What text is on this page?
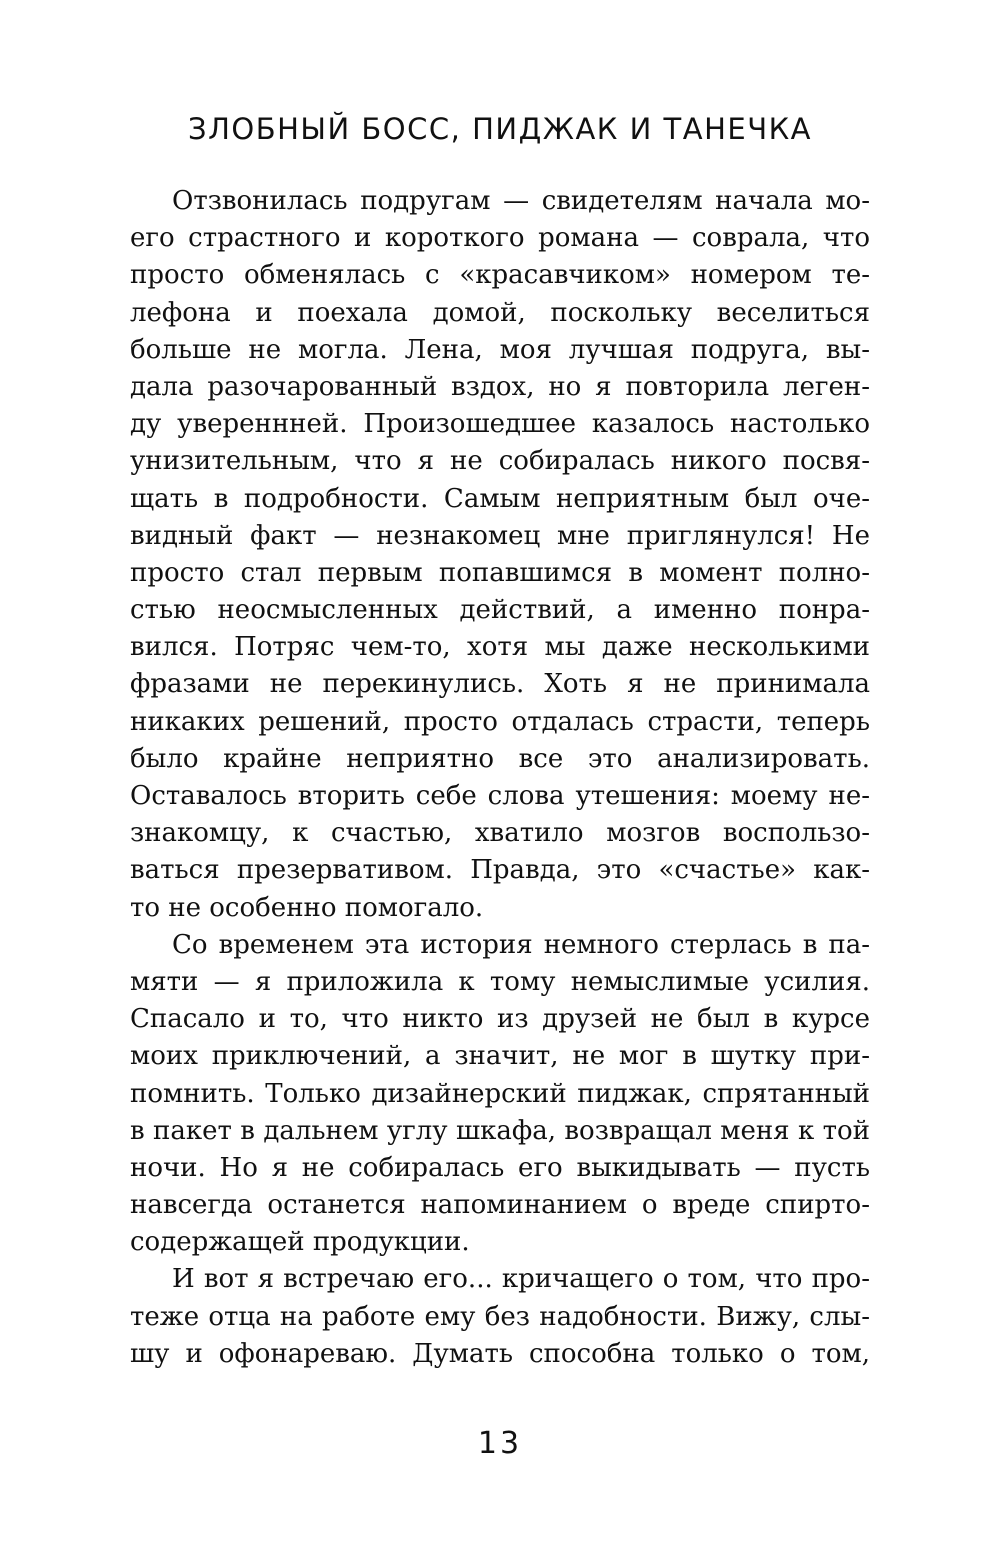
ЗЛОБНЫЙ БОСС, ПИДЖАК И ТАНЕЧКА
Отзвонилась подругам — свидетелям начала мо-
его страстного и короткого романа — соврала, что
просто обменялась с «красавчиком» номером те-
лефона и поехала домой, поскольку веселиться
больше не могла. Лена, моя лучшая подруга, вы-
дала разочарованный вздох, но я повторила леген-
ду увереннней. Произошедшее казалось настолько
унизительным, что я не собиралась никого посвя-
щать в подробности. Самым неприятным был оче-
видный факт — незнакомец мне приглянулся! Не
просто стал первым попавшимся в момент полно-
стью неосмысленных действий, а именно понра-
вился. Потряс чем-то, хотя мы даже несколькими
фразами не перекинулись. Хоть я не принимала
никаких решений, просто отдалась страсти, теперь
было крайне неприятно все это анализировать.
Оставалось вторить себе слова утешения: моему не-
знакомцу, к счастью, хватило мозгов воспользо-
ваться презервативом. Правда, это «счастье» как-
то не особенно помогало.
Со временем эта история немного стерлась в па-
мяти — я приложила к тому немыслимые усилия.
Спасало и то, что никто из друзей не был в курсе
моих приключений, а значит, не мог в шутку при-
помнить. Только дизайнерский пиджак, спрятанный
в пакет в дальнем углу шкафа, возвращал меня к той
ночи. Но я не собиралась его выкидывать — пусть
навсегда останется напоминанием о вреде спирто-
содержащей продукции.
И вот я встречаю его... кричащего о том, что про-
теже отца на работе ему без надобности. Вижу, слы-
шу и офонареваю. Думать способна только о том,
13
